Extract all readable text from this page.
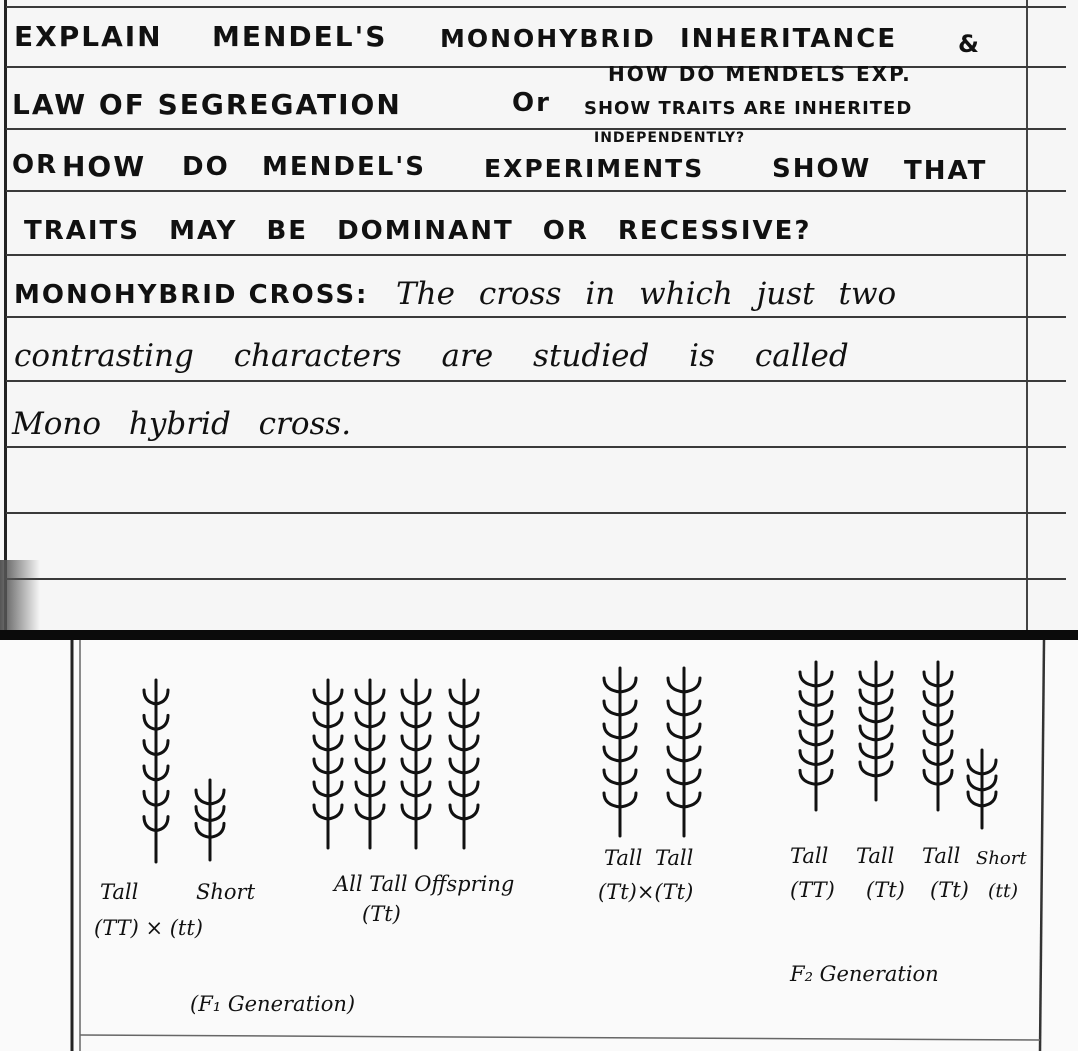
EXPLAIN MENDEL'S MONOHYBRID INHERITANCE	&
LAW OF SEGREGATION	Or
HOW DO MENDELS EXP.
SHOW TRAITS ARE INHERITED
INDEPENDENTLY?
OR HOW DO MENDEL'S EXPERIMENTS	SHOW THAT
TRAITS MAY BE DOMINANT OR RECESSIVE?
MONOHYBRID CROSS: The cross in which just two
contrasting characters are studied is called
Mono hybrid cross.
Tall	Short
(TT) × (tt)
(F₁ Generation)
All Tall Offspring
(Tt)
Tall Tall
(Tt)×(Tt)
Tall Tall Tall Short
(TT) (Tt) (Tt) (tt)
F₂ Generation
